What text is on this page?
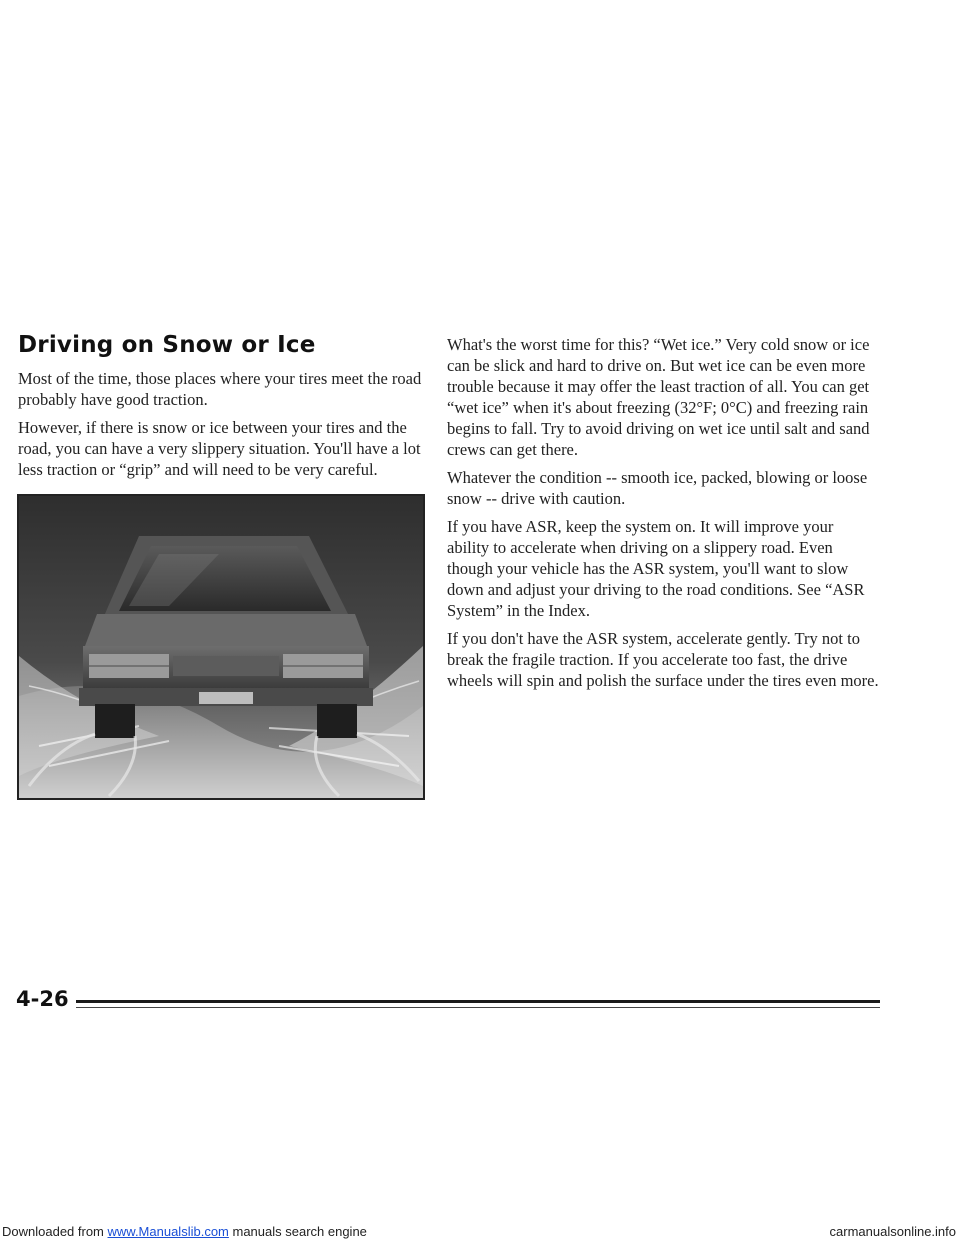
Driving on Snow or Ice

Most of the time, those places where your tires meet the road probably have good traction.

However, if there is snow or ice between your tires and the road, you can have a very slippery situation. You'll have a lot less traction or “grip” and will need to be very careful.

What's the worst time for this? “Wet ice.” Very cold snow or ice can be slick and hard to drive on. But wet ice can be even more trouble because it may offer the least traction of all. You can get “wet ice” when it's about freezing (32°F; 0°C) and freezing rain begins to fall. Try to avoid driving on wet ice until salt and sand crews can get there.

Whatever the condition -- smooth ice, packed, blowing or loose snow -- drive with caution.

If you have ASR, keep the system on. It will improve your ability to accelerate when driving on a slippery road. Even though your vehicle has the ASR system, you'll want to slow down and adjust your driving to the road conditions. See “ASR System” in the Index.

If you don't have the ASR system, accelerate gently. Try not to break the fragile traction. If you accelerate too fast, the drive wheels will spin and polish the surface under the tires even more.

4-26
Downloaded from www.Manualslib.com manuals search engine	carmanualsonline.info
